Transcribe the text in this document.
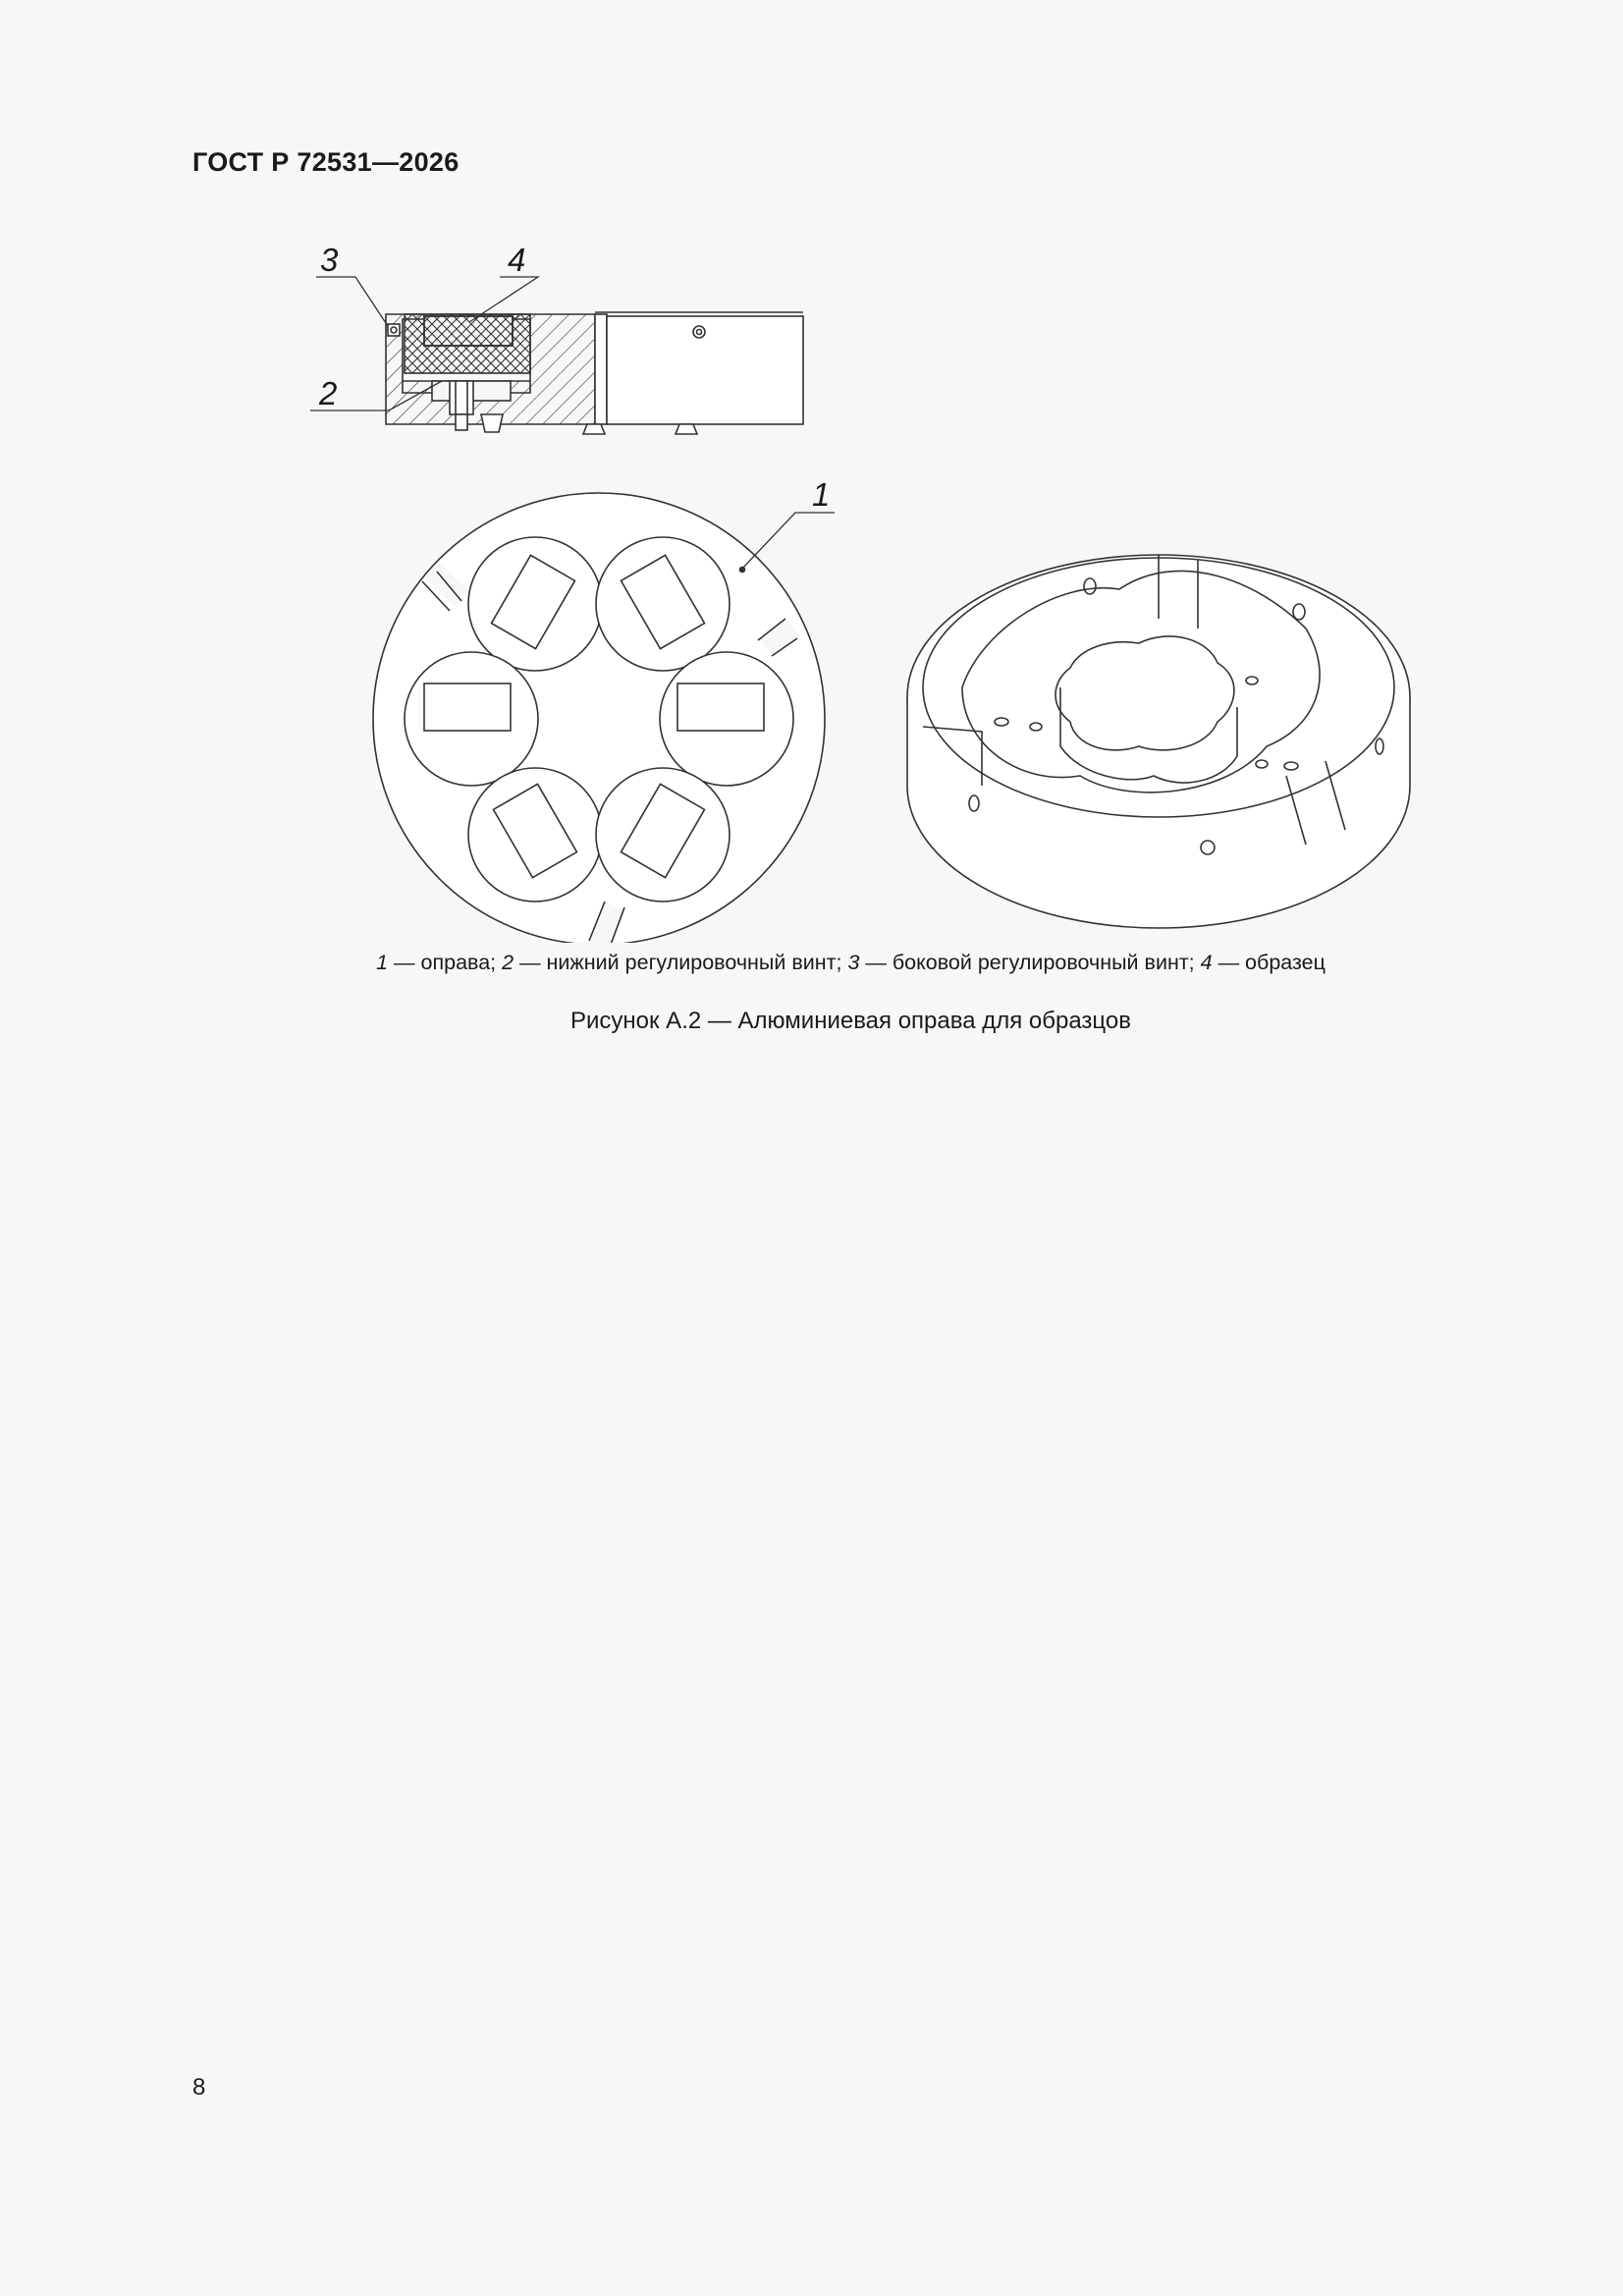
ГОСТ Р 72531—2026
3	4
2
1
1 — оправа; 2 — нижний регулировочный винт; 3 — боковой регулировочный винт; 4 — образец
Рисунок А.2 — Алюминиевая оправа для образцов
8
